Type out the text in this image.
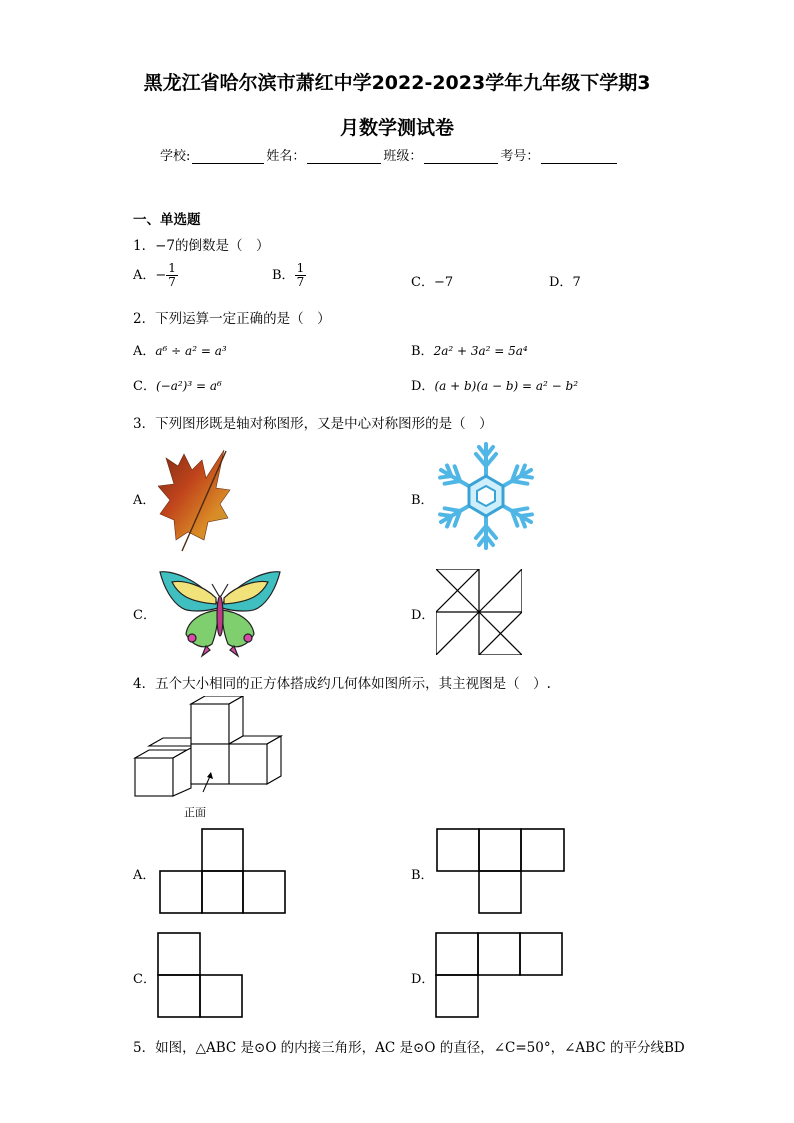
黑龙江省哈尔滨市萧红中学2022-2023学年九年级下学期3
月数学测试卷
学校:	姓名：	班级：	考号：
一、单选题
1．−7的倒数是（　）
A．− $\frac{1}{7}$	B． $\frac{1}{7}$	C．−7	D．7
2．下列运算一定正确的是（　）
A．a⁶ ÷ a² = a³	B．2a² + 3a² = 5a⁴
C．(−a²)³ = a⁶	D．(a + b)(a − b) = a² − b²
3．下列图形既是轴对称图形，又是中心对称图形的是（　）
A．	B．
C．	D．
4．五个大小相同的正方体搭成约几何体如图所示，其主视图是（　）.
正面
A．	B．
C．	D．
5．如图，△ABC 是⊙O 的内接三角形，AC 是⊙O 的直径，∠C=50°，∠ABC 的平分线BD
